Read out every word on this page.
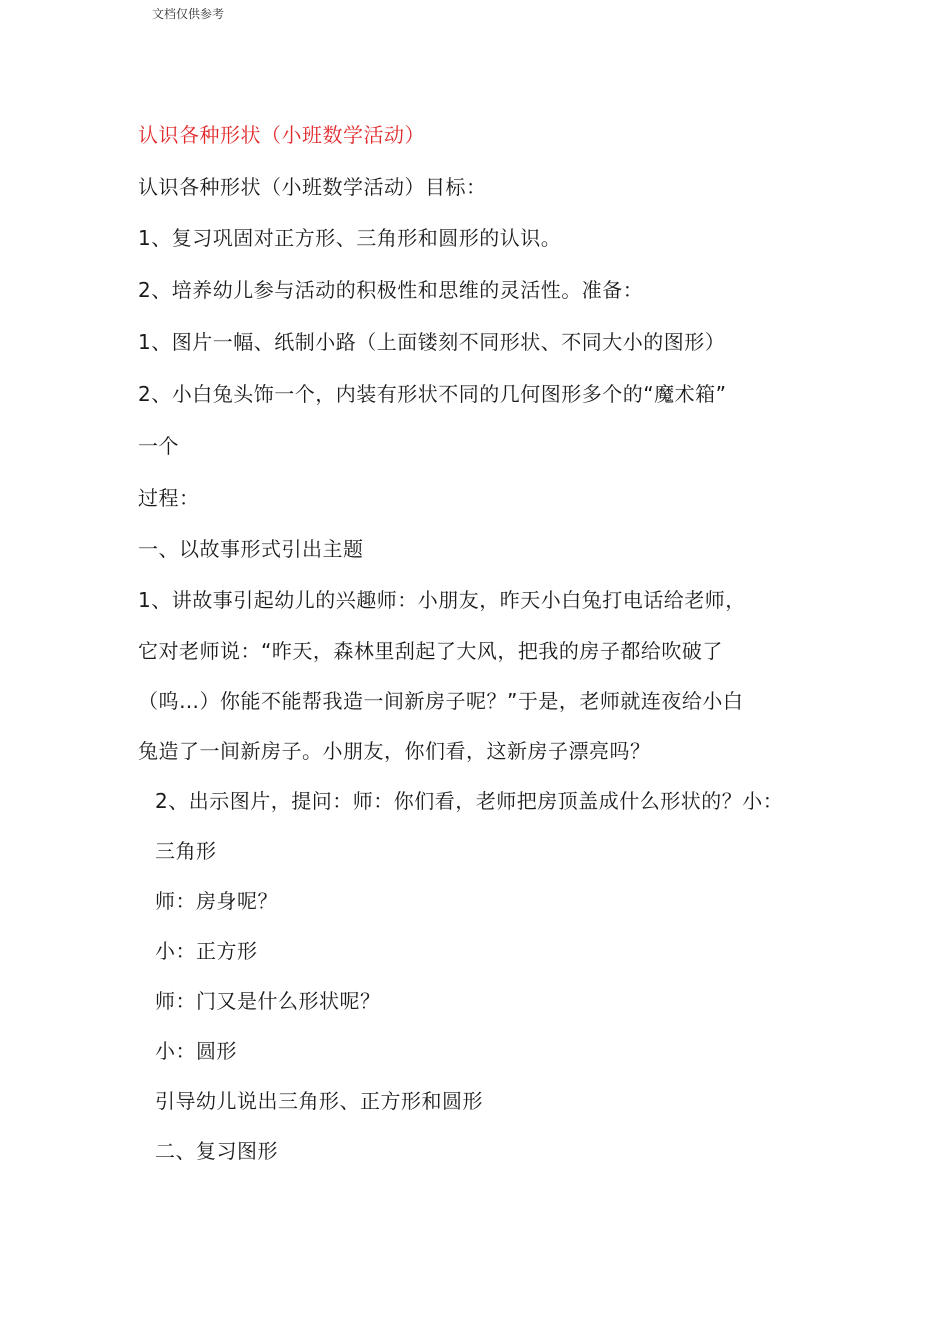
文档仅供参考
认识各种形状（小班数学活动）
认识各种形状（小班数学活动）目标：
1、复习巩固对正方形、三角形和圆形的认识。
2、培养幼儿参与活动的积极性和思维的灵活性。准备：
1、图片一幅、纸制小路（上面镂刻不同形状、不同大小的图形）
2、小白兔头饰一个，内装有形状不同的几何图形多个的“魔术箱”
一个
过程：
一、以故事形式引出主题
1、讲故事引起幼儿的兴趣师：小朋友，昨天小白兔打电话给老师，
它对老师说：“昨天，森林里刮起了大风，把我的房子都给吹破了
（呜…）你能不能帮我造一间新房子呢？”于是，老师就连夜给小白
兔造了一间新房子。小朋友，你们看，这新房子漂亮吗？
2、出示图片，提问：师：你们看，老师把房顶盖成什么形状的？小：
三角形
师：房身呢？
小：正方形
师：门又是什么形状呢？
小：圆形
引导幼儿说出三角形、正方形和圆形
二、复习图形
